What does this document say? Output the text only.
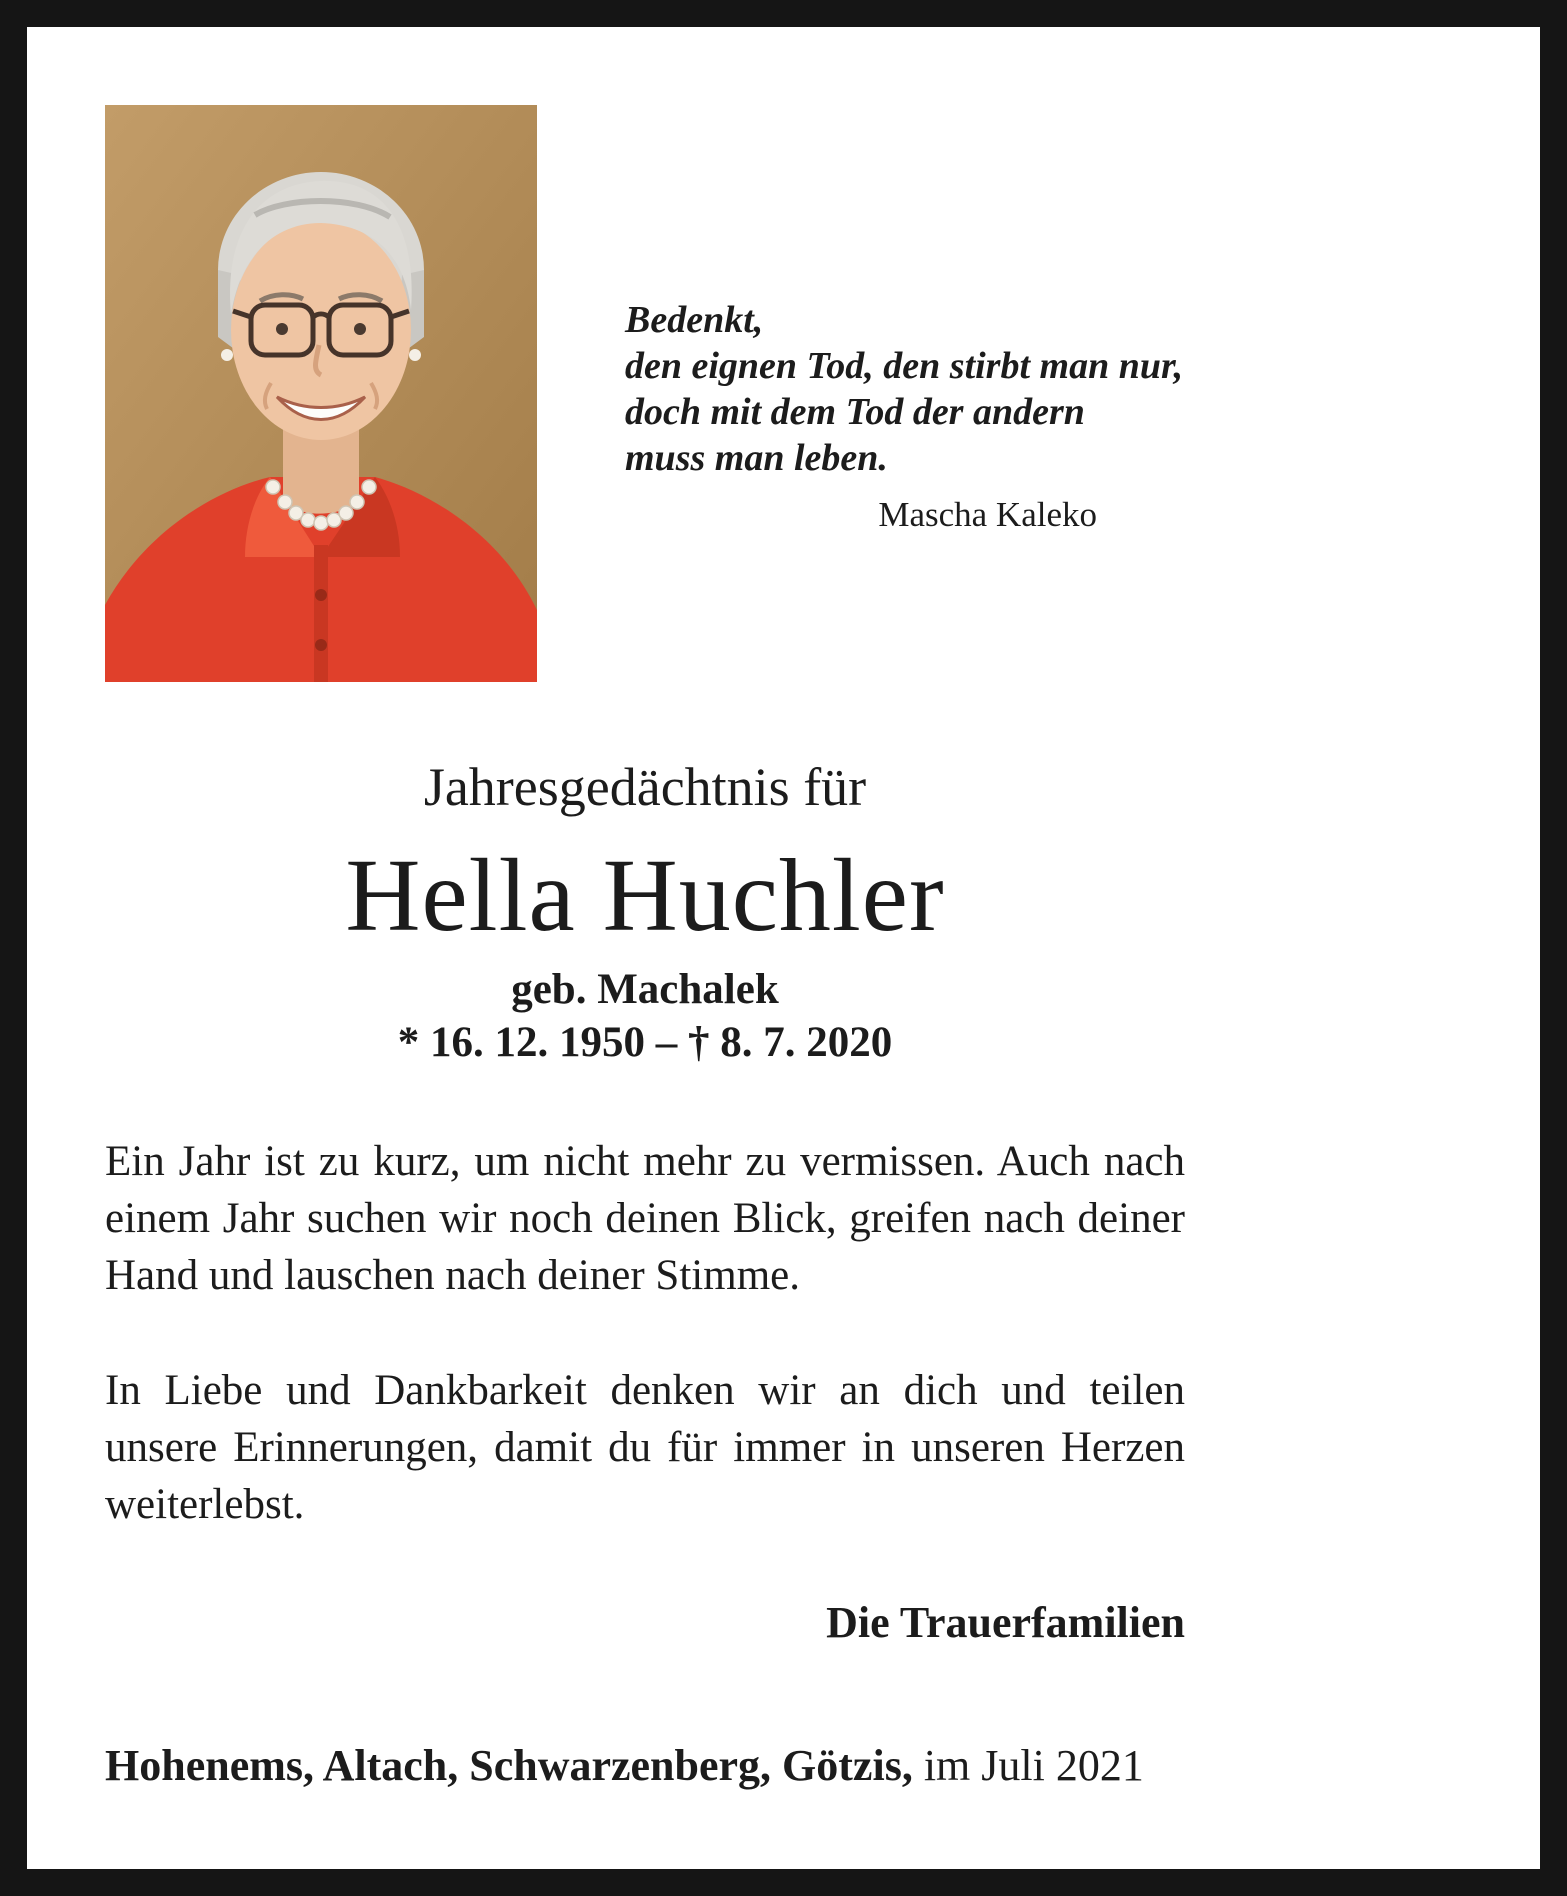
Bedenkt,
den eignen Tod, den stirbt man nur,
doch mit dem Tod der andern
muss man leben.
Mascha Kaleko
Jahresgedächtnis für
Hella Huchler
geb. Machalek
* 16. 12. 1950 – † 8. 7. 2020
Ein Jahr ist zu kurz, um nicht mehr zu vermissen. Auch nach einem Jahr suchen wir noch deinen Blick, greifen nach deiner Hand und lauschen nach deiner Stimme.
In Liebe und Dankbarkeit denken wir an dich und teilen unsere Erinnerungen, damit du für immer in unseren Herzen weiterlebst.
Die Trauerfamilien
Hohenems, Altach, Schwarzenberg, Götzis, im Juli 2021
